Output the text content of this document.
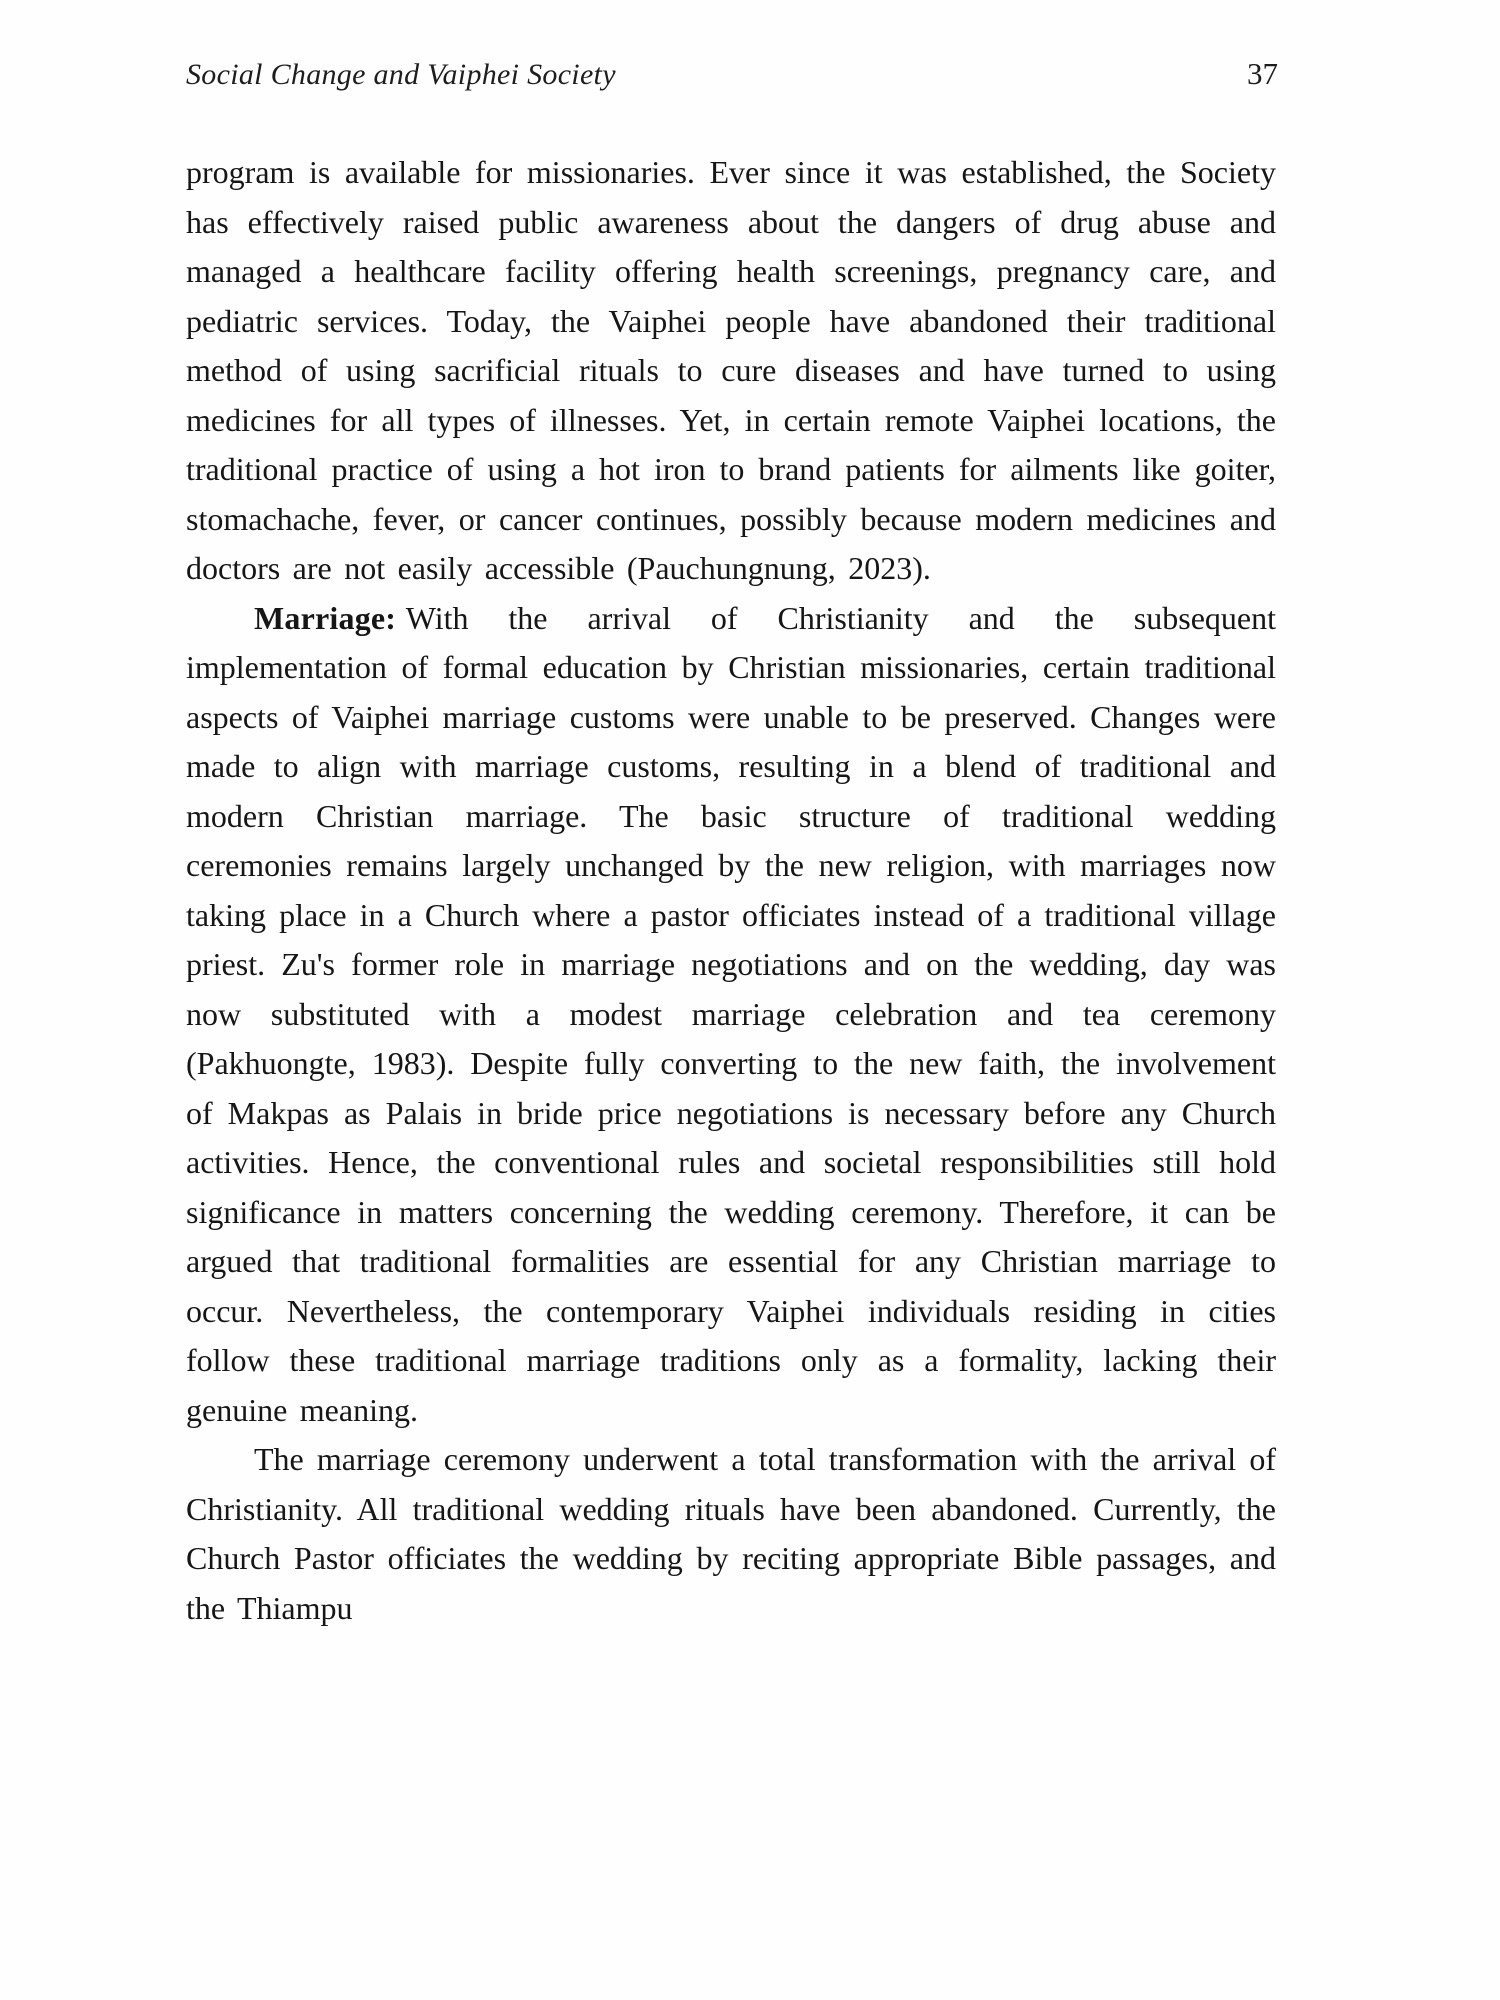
Social Change and Vaiphei Society	37

program is available for missionaries. Ever since it was established, the Society has effectively raised public awareness about the dangers of drug abuse and managed a healthcare facility offering health screenings, pregnancy care, and pediatric services. Today, the Vaiphei people have abandoned their traditional method of using sacrificial rituals to cure diseases and have turned to using medicines for all types of illnesses. Yet, in certain remote Vaiphei locations, the traditional practice of using a hot iron to brand patients for ailments like goiter, stomachache, fever, or cancer continues, possibly because modern medicines and doctors are not easily accessible (Pauchungnung, 2023).

Marriage: With the arrival of Christianity and the subsequent implementation of formal education by Christian missionaries, certain traditional aspects of Vaiphei marriage customs were unable to be preserved. Changes were made to align with marriage customs, resulting in a blend of traditional and modern Christian marriage. The basic structure of traditional wedding ceremonies remains largely unchanged by the new religion, with marriages now taking place in a Church where a pastor officiates instead of a traditional village priest. Zu's former role in marriage negotiations and on the wedding, day was now substituted with a modest marriage celebration and tea ceremony (Pakhuongte, 1983). Despite fully converting to the new faith, the involvement of Makpas as Palais in bride price negotiations is necessary before any Church activities. Hence, the conventional rules and societal responsibilities still hold significance in matters concerning the wedding ceremony. Therefore, it can be argued that traditional formalities are essential for any Christian marriage to occur. Nevertheless, the contemporary Vaiphei individuals residing in cities follow these traditional marriage traditions only as a formality, lacking their genuine meaning.

The marriage ceremony underwent a total transformation with the arrival of Christianity. All traditional wedding rituals have been abandoned. Currently, the Church Pastor officiates the wedding by reciting appropriate Bible passages, and the Thiampu
